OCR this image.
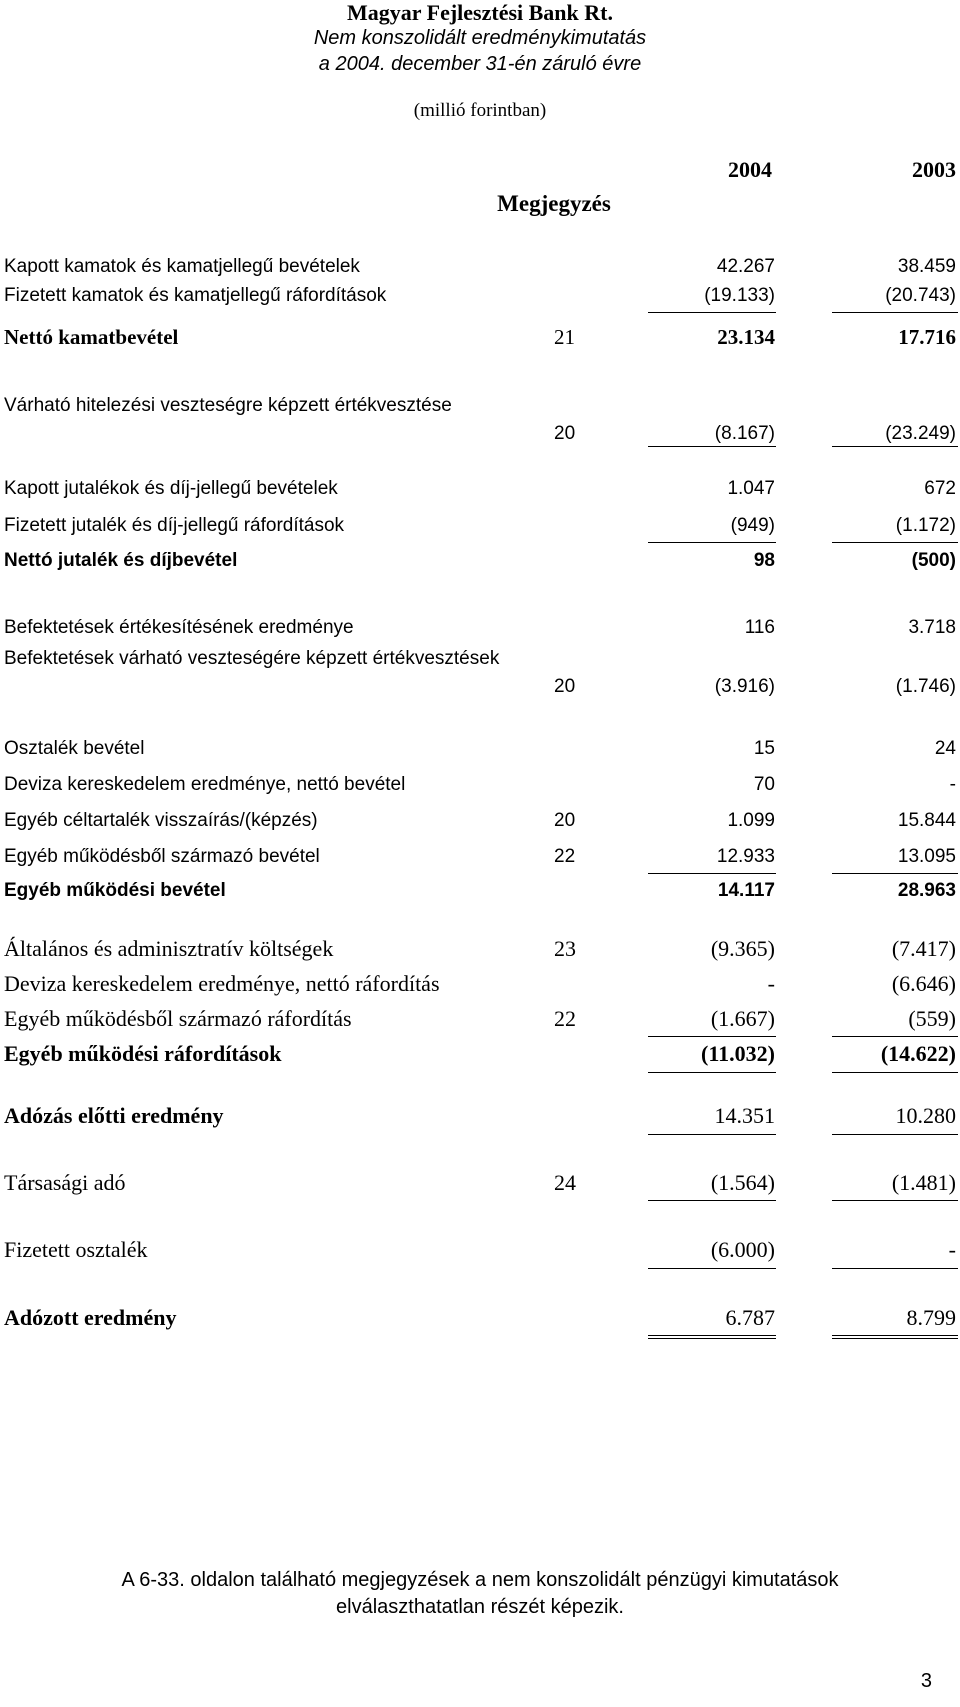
Magyar Fejlesztési Bank Rt.
Nem konszolidált eredménykimutatás
a 2004. december 31-én záruló évre
(millió forintban)
2004	2003
Megjegyzés
Kapott kamatok és kamatjellegű bevételek	42.267	38.459
Fizetett kamatok és kamatjellegű ráfordítások	(19.133)	(20.743)
Nettó kamatbevétel	21	23.134	17.716
Várható hitelezési veszteségre képzett értékvesztése
20	(8.167)	(23.249)
Kapott jutalékok és díj-jellegű bevételek	1.047	672
Fizetett jutalék és díj-jellegű ráfordítások	(949)	(1.172)
Nettó jutalék és díjbevétel	98	(500)
Befektetések értékesítésének eredménye	116	3.718
Befektetések várható veszteségére képzett értékvesztések
20	(3.916)	(1.746)
Osztalék bevétel	15	24
Deviza kereskedelem eredménye, nettó bevétel	70	-
Egyéb céltartalék visszaírás/(képzés)	20	1.099	15.844
Egyéb működésből származó bevétel	22	12.933	13.095
Egyéb működési bevétel	14.117	28.963
Általános és adminisztratív költségek	23	(9.365)	(7.417)
Deviza kereskedelem eredménye, nettó ráfordítás	-	(6.646)
Egyéb működésből származó ráfordítás	22	(1.667)	(559)
Egyéb működési ráfordítások	(11.032)	(14.622)
Adózás előtti eredmény	14.351	10.280
Társasági adó	24	(1.564)	(1.481)
Fizetett osztalék	(6.000)	-
Adózott eredmény	6.787	8.799
A 6-33. oldalon található megjegyzések a nem konszolidált pénzügyi kimutatások
elválaszthatatlan részét képezik.
3
